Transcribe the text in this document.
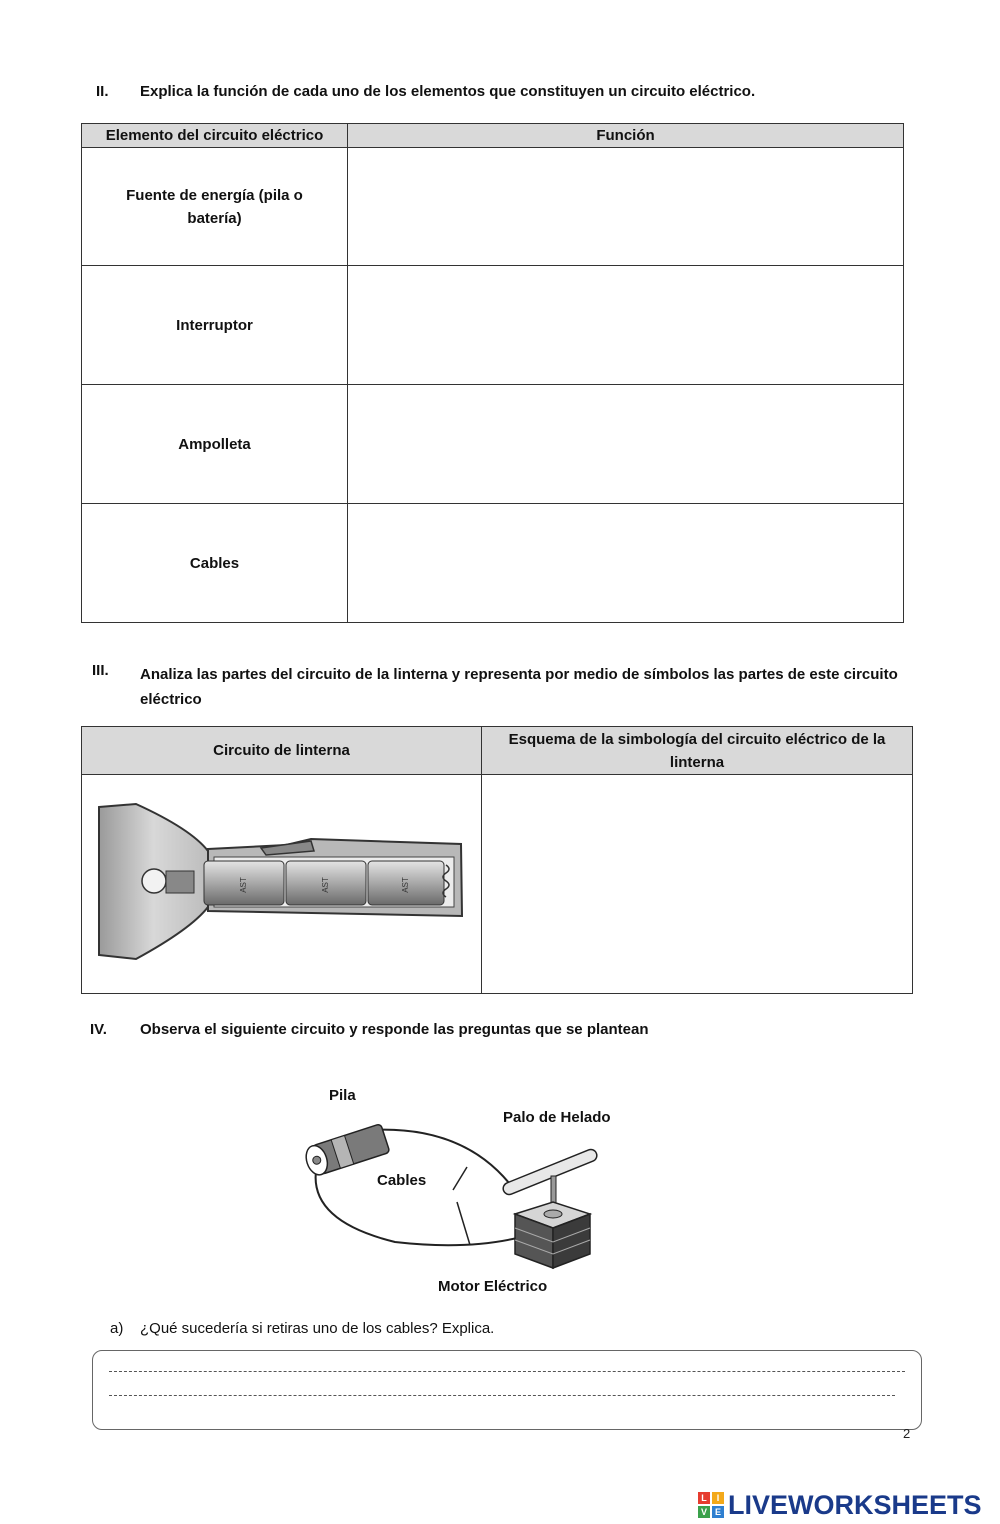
II. Explica la función de cada uno de los elementos que constituyen un circuito eléctrico.
Elemento del circuito eléctrico	Función

Fuente de energía (pila o batería)	

Interruptor	

Ampolleta	

Cables	

III. Analiza las partes del circuito de la linterna y representa por medio de símbolos las partes de este circuito eléctrico
Circuito de linterna	Esquema de la simbología del circuito eléctrico de la linterna

AST AST AST	

IV. Observa el siguiente circuito y responde las preguntas que se plantean
Pila
Palo de Helado
Cables
Motor Eléctrico
a) ¿Qué sucedería si retiras uno de los cables? Explica.
2
L	I
V E LIVEWORKSHEETS
